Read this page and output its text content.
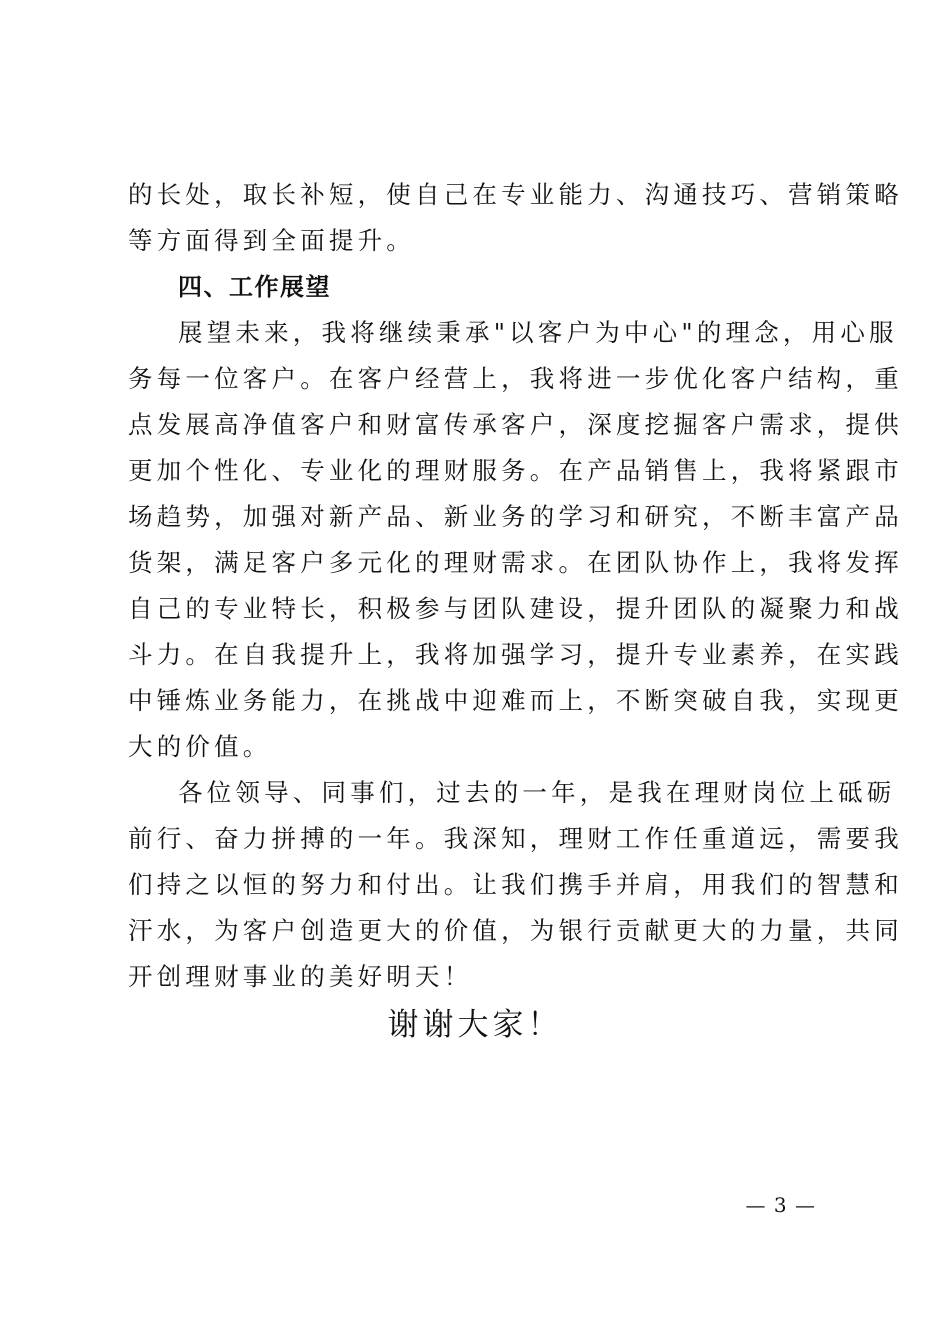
的长处，取长补短，使自己在专业能力、沟通技巧、营销策略
等方面得到全面提升。
四、工作展望
展望未来，我将继续秉承"以客户为中心"的理念，用心服
务每一位客户。在客户经营上，我将进一步优化客户结构，重
点发展高净值客户和财富传承客户，深度挖掘客户需求，提供
更加个性化、专业化的理财服务。在产品销售上，我将紧跟市
场趋势，加强对新产品、新业务的学习和研究，不断丰富产品
货架，满足客户多元化的理财需求。在团队协作上，我将发挥
自己的专业特长，积极参与团队建设，提升团队的凝聚力和战
斗力。在自我提升上，我将加强学习，提升专业素养，在实践
中锤炼业务能力，在挑战中迎难而上，不断突破自我，实现更
大的价值。
各位领导、同事们，过去的一年，是我在理财岗位上砥砺
前行、奋力拼搏的一年。我深知，理财工作任重道远，需要我
们持之以恒的努力和付出。让我们携手并肩，用我们的智慧和
汗水，为客户创造更大的价值，为银行贡献更大的力量，共同
开创理财事业的美好明天！
谢谢大家！
— 3 —
